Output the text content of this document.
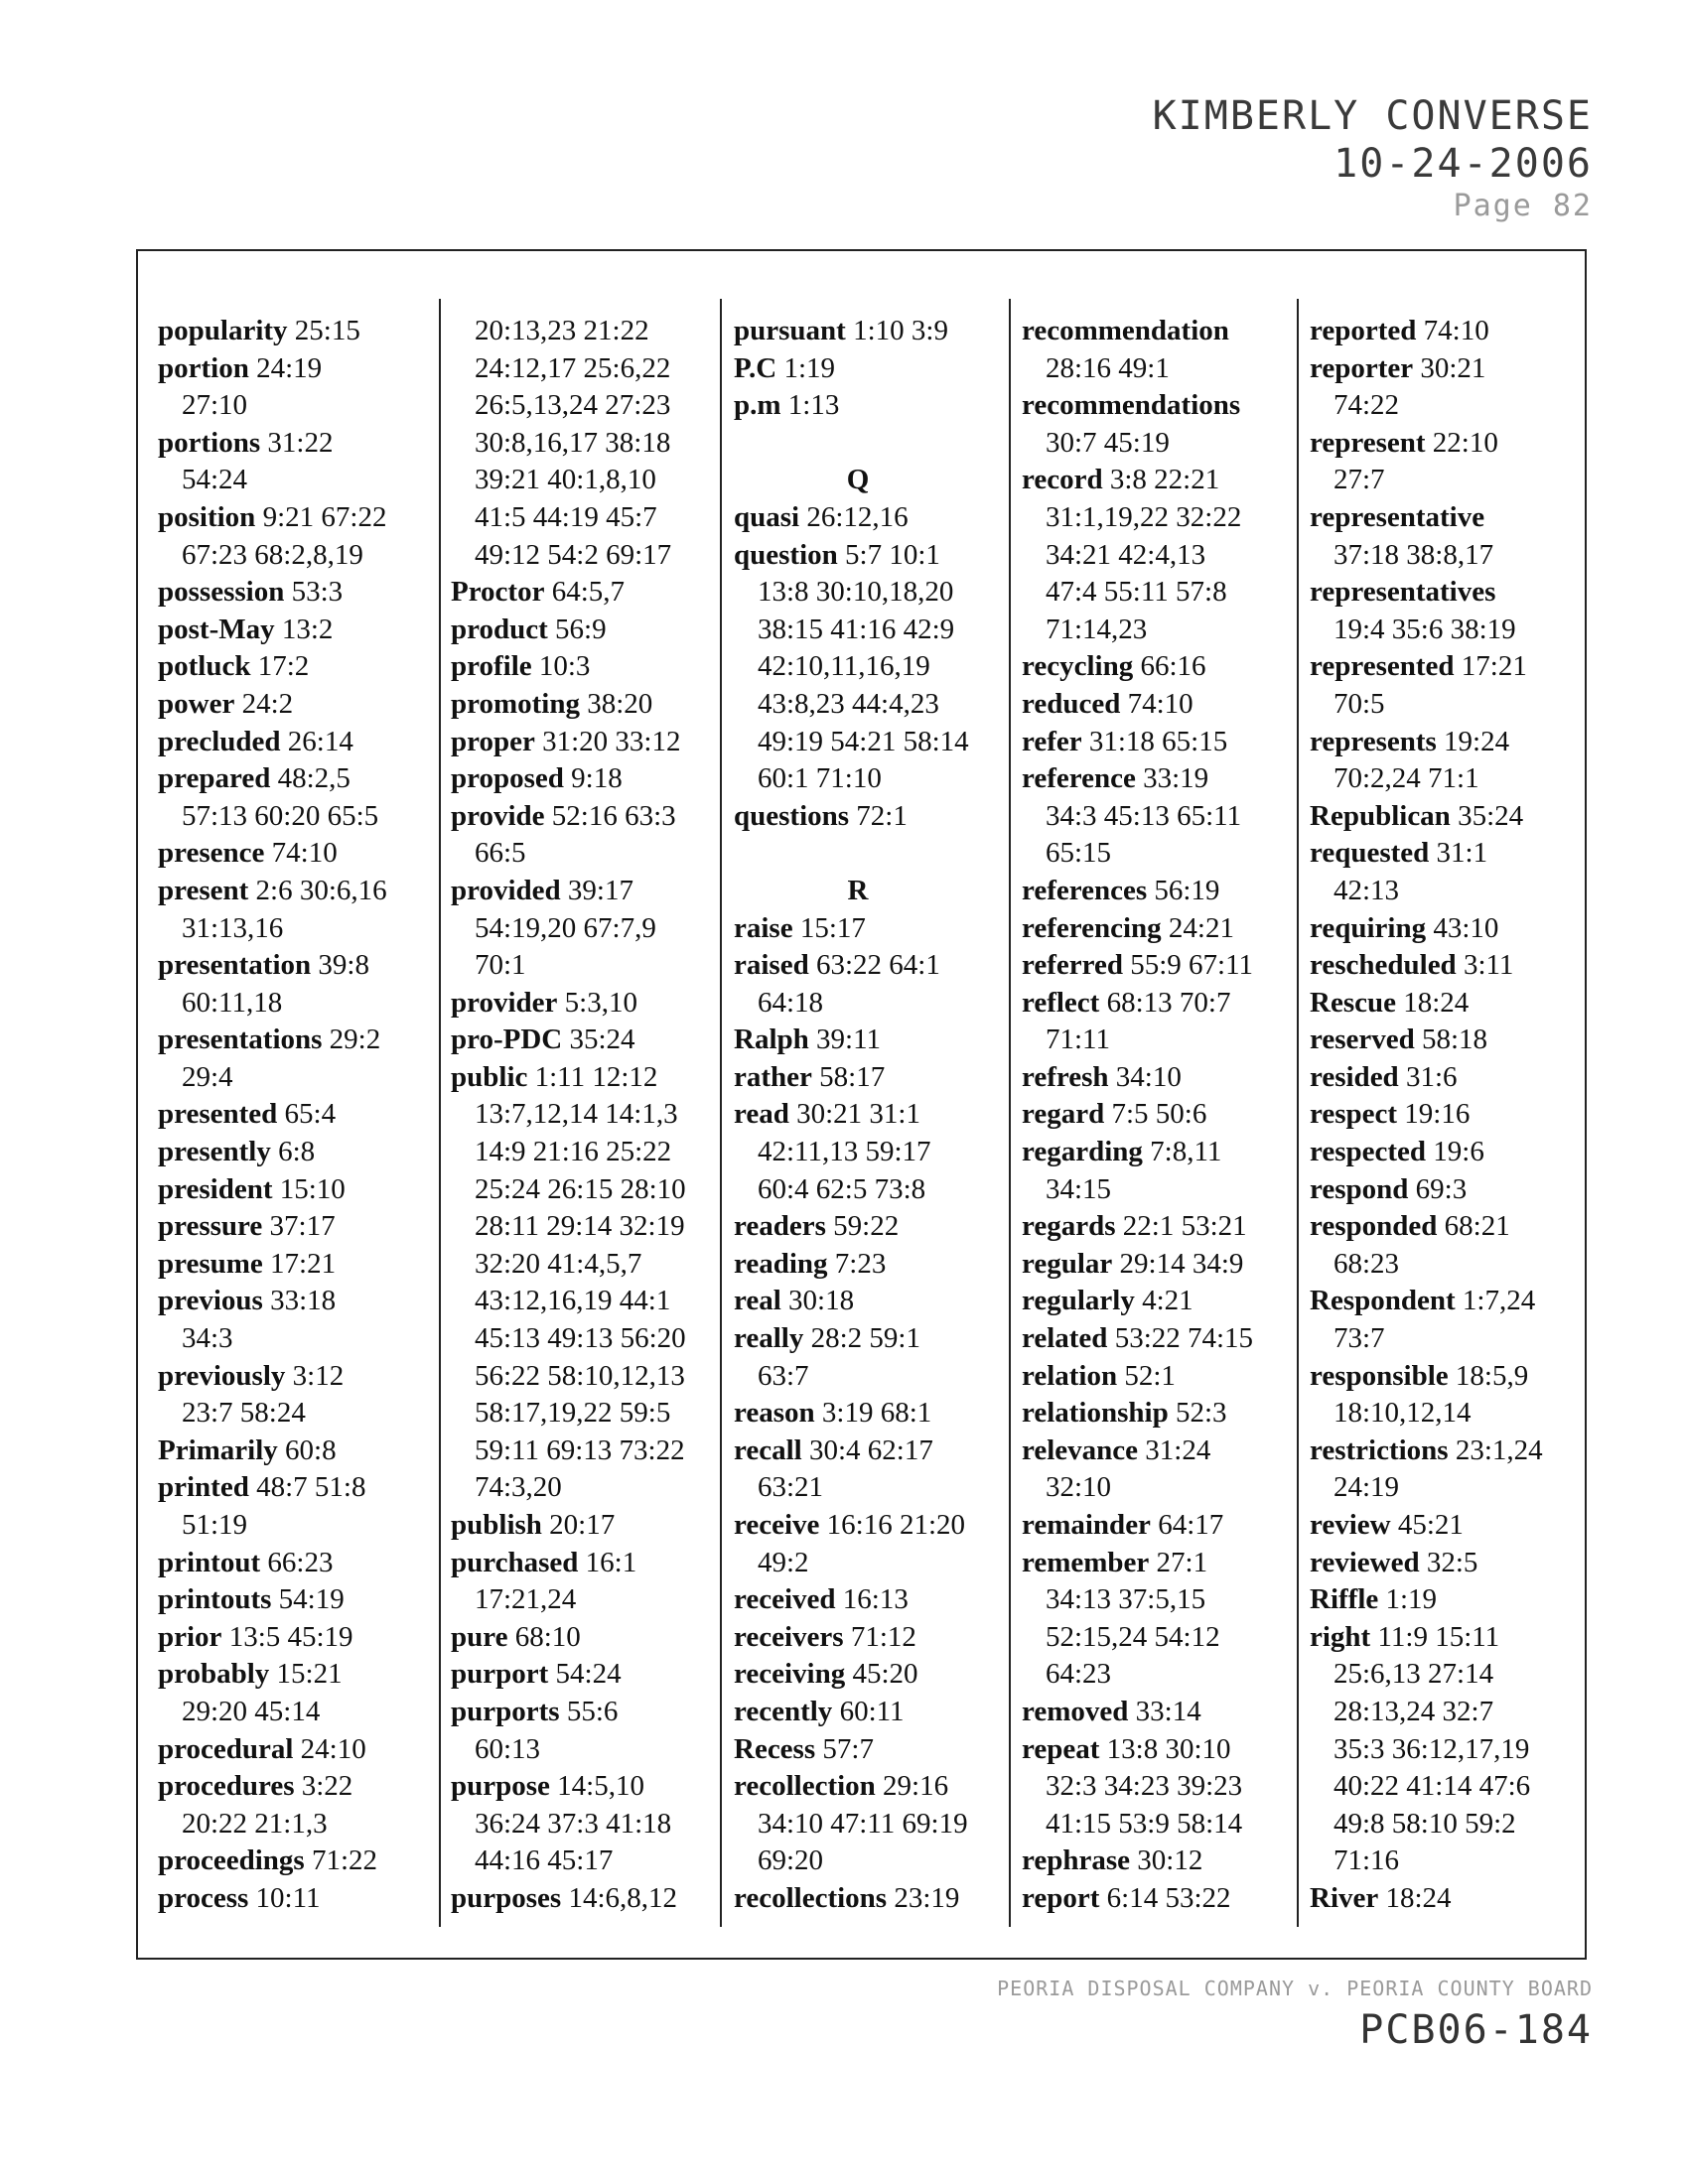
KIMBERLY CONVERSE
10-24-2006
Page 82
popularity 25:15
portion 24:19
27:10
portions 31:22
54:24
position 9:21 67:22
67:23 68:2,8,19
possession 53:3
post-May 13:2
potluck 17:2
power 24:2
precluded 26:14
prepared 48:2,5
57:13 60:20 65:5
presence 74:10
present 2:6 30:6,16
31:13,16
presentation 39:8
60:11,18
presentations 29:2
29:4
presented 65:4
presently 6:8
president 15:10
pressure 37:17
presume 17:21
previous 33:18
34:3
previously 3:12
23:7 58:24
Primarily 60:8
printed 48:7 51:8
51:19
printout 66:23
printouts 54:19
prior 13:5 45:19
probably 15:21
29:20 45:14
procedural 24:10
procedures 3:22
20:22 21:1,3
proceedings 71:22
process 10:11
20:13,23 21:22
24:12,17 25:6,22
26:5,13,24 27:23
30:8,16,17 38:18
39:21 40:1,8,10
41:5 44:19 45:7
49:12 54:2 69:17
Proctor 64:5,7
product 56:9
profile 10:3
promoting 38:20
proper 31:20 33:12
proposed 9:18
provide 52:16 63:3
66:5
provided 39:17
54:19,20 67:7,9
70:1
provider 5:3,10
pro-PDC 35:24
public 1:11 12:12
13:7,12,14 14:1,3
14:9 21:16 25:22
25:24 26:15 28:10
28:11 29:14 32:19
32:20 41:4,5,7
43:12,16,19 44:1
45:13 49:13 56:20
56:22 58:10,12,13
58:17,19,22 59:5
59:11 69:13 73:22
74:3,20
publish 20:17
purchased 16:1
17:21,24
pure 68:10
purport 54:24
purports 55:6
60:13
purpose 14:5,10
36:24 37:3 41:18
44:16 45:17
purposes 14:6,8,12
pursuant 1:10 3:9
P.C 1:19
p.m 1:13

Q
quasi 26:12,16
question 5:7 10:1
13:8 30:10,18,20
38:15 41:16 42:9
42:10,11,16,19
43:8,23 44:4,23
49:19 54:21 58:14
60:1 71:10
questions 72:1

R
raise 15:17
raised 63:22 64:1
64:18
Ralph 39:11
rather 58:17
read 30:21 31:1
42:11,13 59:17
60:4 62:5 73:8
readers 59:22
reading 7:23
real 30:18
really 28:2 59:1
63:7
reason 3:19 68:1
recall 30:4 62:17
63:21
receive 16:16 21:20
49:2
received 16:13
receivers 71:12
receiving 45:20
recently 60:11
Recess 57:7
recollection 29:16
34:10 47:11 69:19
69:20
recollections 23:19
recommendation
28:16 49:1
recommendations
30:7 45:19
record 3:8 22:21
31:1,19,22 32:22
34:21 42:4,13
47:4 55:11 57:8
71:14,23
recycling 66:16
reduced 74:10
refer 31:18 65:15
reference 33:19
34:3 45:13 65:11
65:15
references 56:19
referencing 24:21
referred 55:9 67:11
reflect 68:13 70:7
71:11
refresh 34:10
regard 7:5 50:6
regarding 7:8,11
34:15
regards 22:1 53:21
regular 29:14 34:9
regularly 4:21
related 53:22 74:15
relation 52:1
relationship 52:3
relevance 31:24
32:10
remainder 64:17
remember 27:1
34:13 37:5,15
52:15,24 54:12
64:23
removed 33:14
repeat 13:8 30:10
32:3 34:23 39:23
41:15 53:9 58:14
rephrase 30:12
report 6:14 53:22
reported 74:10
reporter 30:21
74:22
represent 22:10
27:7
representative
37:18 38:8,17
representatives
19:4 35:6 38:19
represented 17:21
70:5
represents 19:24
70:2,24 71:1
Republican 35:24
requested 31:1
42:13
requiring 43:10
rescheduled 3:11
Rescue 18:24
reserved 58:18
resided 31:6
respect 19:16
respected 19:6
respond 69:3
responded 68:21
68:23
Respondent 1:7,24
73:7
responsible 18:5,9
18:10,12,14
restrictions 23:1,24
24:19
review 45:21
reviewed 32:5
Riffle 1:19
right 11:9 15:11
25:6,13 27:14
28:13,24 32:7
35:3 36:12,17,19
40:22 41:14 47:6
49:8 58:10 59:2
71:16
River 18:24
PEORIA DISPOSAL COMPANY v. PEORIA COUNTY BOARD
PCB06-184
